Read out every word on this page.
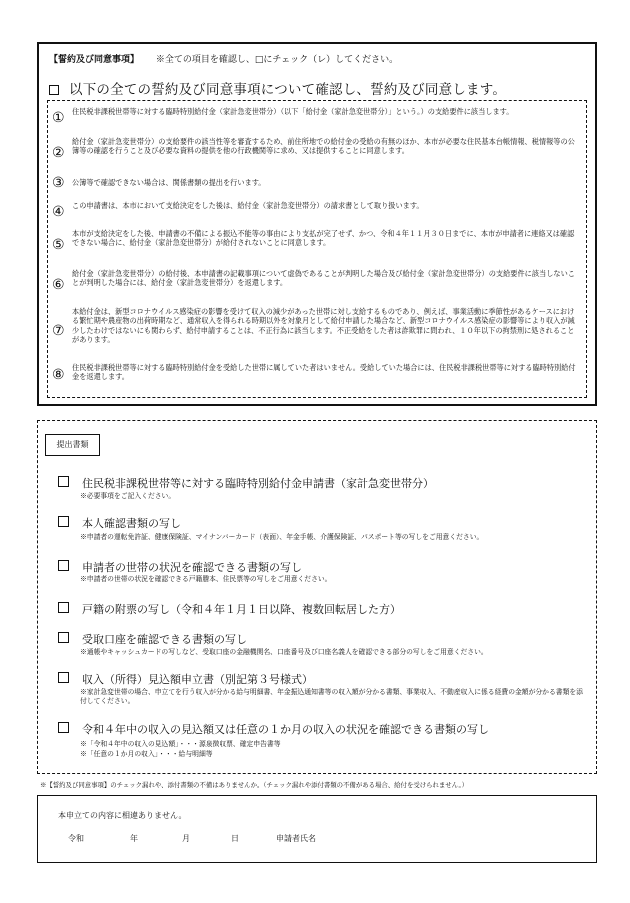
【誓約及び同意事項】 ※全ての項目を確認し、□にチェック（レ）してください。
以下の全ての誓約及び同意事項について確認し、誓約及び同意します。
① 住民税非課税世帯等に対する臨時特別給付金（家計急変世帯分）（以下「給付金（家計急変世帯分）」という。）の支給要件に該当します。
②
給付金（家計急変世帯分）の支給要件の該当性等を審査するため、前住所地での給付金の受給の有無のほか、本市が必要な住民基本台帳情報、税情報等の公簿等の確認を行うこと及び必要な資料の提供を他の行政機関等に求め、又は提供することに同意します。
③ 公簿等で確認できない場合は、関係書類の提出を行います。
④ この申請書は、本市において支給決定をした後は、給付金（家計急変世帯分）の請求書として取り扱います。
⑤
本市が支給決定をした後、申請書の不備による振込不能等の事由により支払が完了せず、かつ、令和４年１１月３０日までに、本市が申請者に連絡又は確認できない場合に、給付金（家計急変世帯分）が給付されないことに同意します。
⑥
給付金（家計急変世帯分）の給付後、本申請書の記載事項について虚偽であることが判明した場合及び給付金（家計急変世帯分）の支給要件に該当しないことが判明した場合には、給付金（家計急変世帯分）を返還します。
⑦
本給付金は、新型コロナウイルス感染症の影響を受けて収入の減少があった世帯に対し支給するものであり、例えば、事業活動に季節性があるケースにおける繁忙期や農産物の出荷時期など、通常収入を得られる時期以外を対象月として給付申請した場合など、新型コロナウイルス感染症の影響等により収入が減少したわけではないにも関わらず、給付申請することは、不正行為に該当します。不正受給をした者は詐欺罪に問われ、１０年以下の拘禁刑に処されることがあります。
⑧ 住民税非課税世帯等に対する臨時特別給付金を受給した世帯に属していた者はいません。受給していた場合には、住民税非課税世帯等に対する臨時特別給付金を返還します。
提出書類
住民税非課税世帯等に対する臨時特別給付金申請書（家計急変世帯分）
※必要事項をご記入ください。
本人確認書類の写し
※申請者の運転免許証、健康保険証、マイナンバーカード（表面）、年金手帳、介護保険証、パスポート等の写しをご用意ください。
申請者の世帯の状況を確認できる書類の写し
※申請者の世帯の状況を確認できる戸籍謄本、住民票等の写しをご用意ください。
戸籍の附票の写し（令和４年１月１日以降、複数回転居した方）
受取口座を確認できる書類の写し
※通帳やキャッシュカードの写しなど、受取口座の金融機関名、口座番号及び口座名義人を確認できる部分の写しをご用意ください。
収入（所得）見込額申立書（別記第３号様式）
※家計急変世帯の場合、申立てを行う収入が分かる給与明細書、年金振込通知書等の収入額が分かる書類、事業収入、不動産収入に係る経費の金額が分かる書類を添付してください。
令和４年中の収入の見込額又は任意の１か月の収入の状況を確認できる書類の写し
※「令和４年中の収入の見込額」・・・源泉徴収票、確定申告書等
※「任意の１か月の収入」・・・給与明細等
※【誓約及び同意事項】のチェック漏れや、添付書類の不備はありませんか。（チェック漏れや添付書類の不備がある場合、給付を受けられません。）
本申立ての内容に相違ありません。
令和	年	月	日	申請者氏名
